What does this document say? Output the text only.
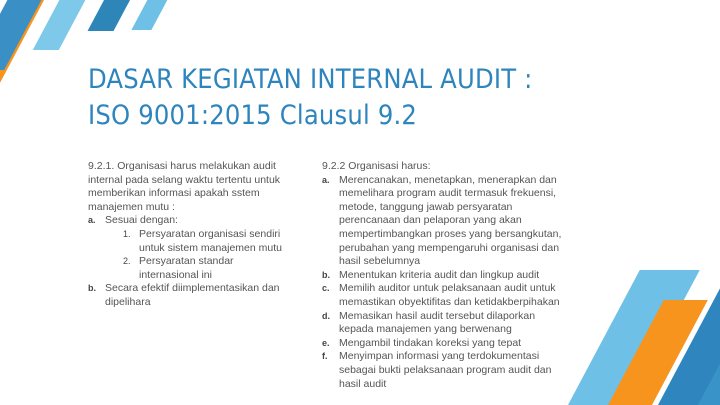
DASAR KEGIATAN INTERNAL AUDIT :
ISO 9001:2015 Clausul 9.2

9.2.1. Organisasi harus melakukan audit internal pada selang waktu tertentu untuk memberikan informasi apakah sstem manajemen mutu :

a. Sesuai dengan:
1. Persyaratan organisasi sendiri untuk sistem manajemen mutu
2. Persyaratan standar internasional ini
b. Secara efektif diimplementasikan dan dipelihara

9.2.2 Organisasi harus:

a. Merencanakan, menetapkan, menerapkan dan memelihara program audit termasuk frekuensi, metode, tanggung jawab persyaratan perencanaan dan pelaporan yang akan mempertimbangkan proses yang bersangkutan, perubahan yang mempengaruhi organisasi dan hasil sebelumnya
b. Menentukan kriteria audit dan lingkup audit
c. Memilih auditor untuk pelaksanaan audit untuk memastikan obyektifitas dan ketidakberpihakan
d. Memasikan hasil audit tersebut dilaporkan kepada manajemen yang berwenang
e. Mengambil tindakan koreksi yang tepat
f. Menyimpan informasi yang terdokumentasi sebagai bukti pelaksanaan program audit dan hasil audit
